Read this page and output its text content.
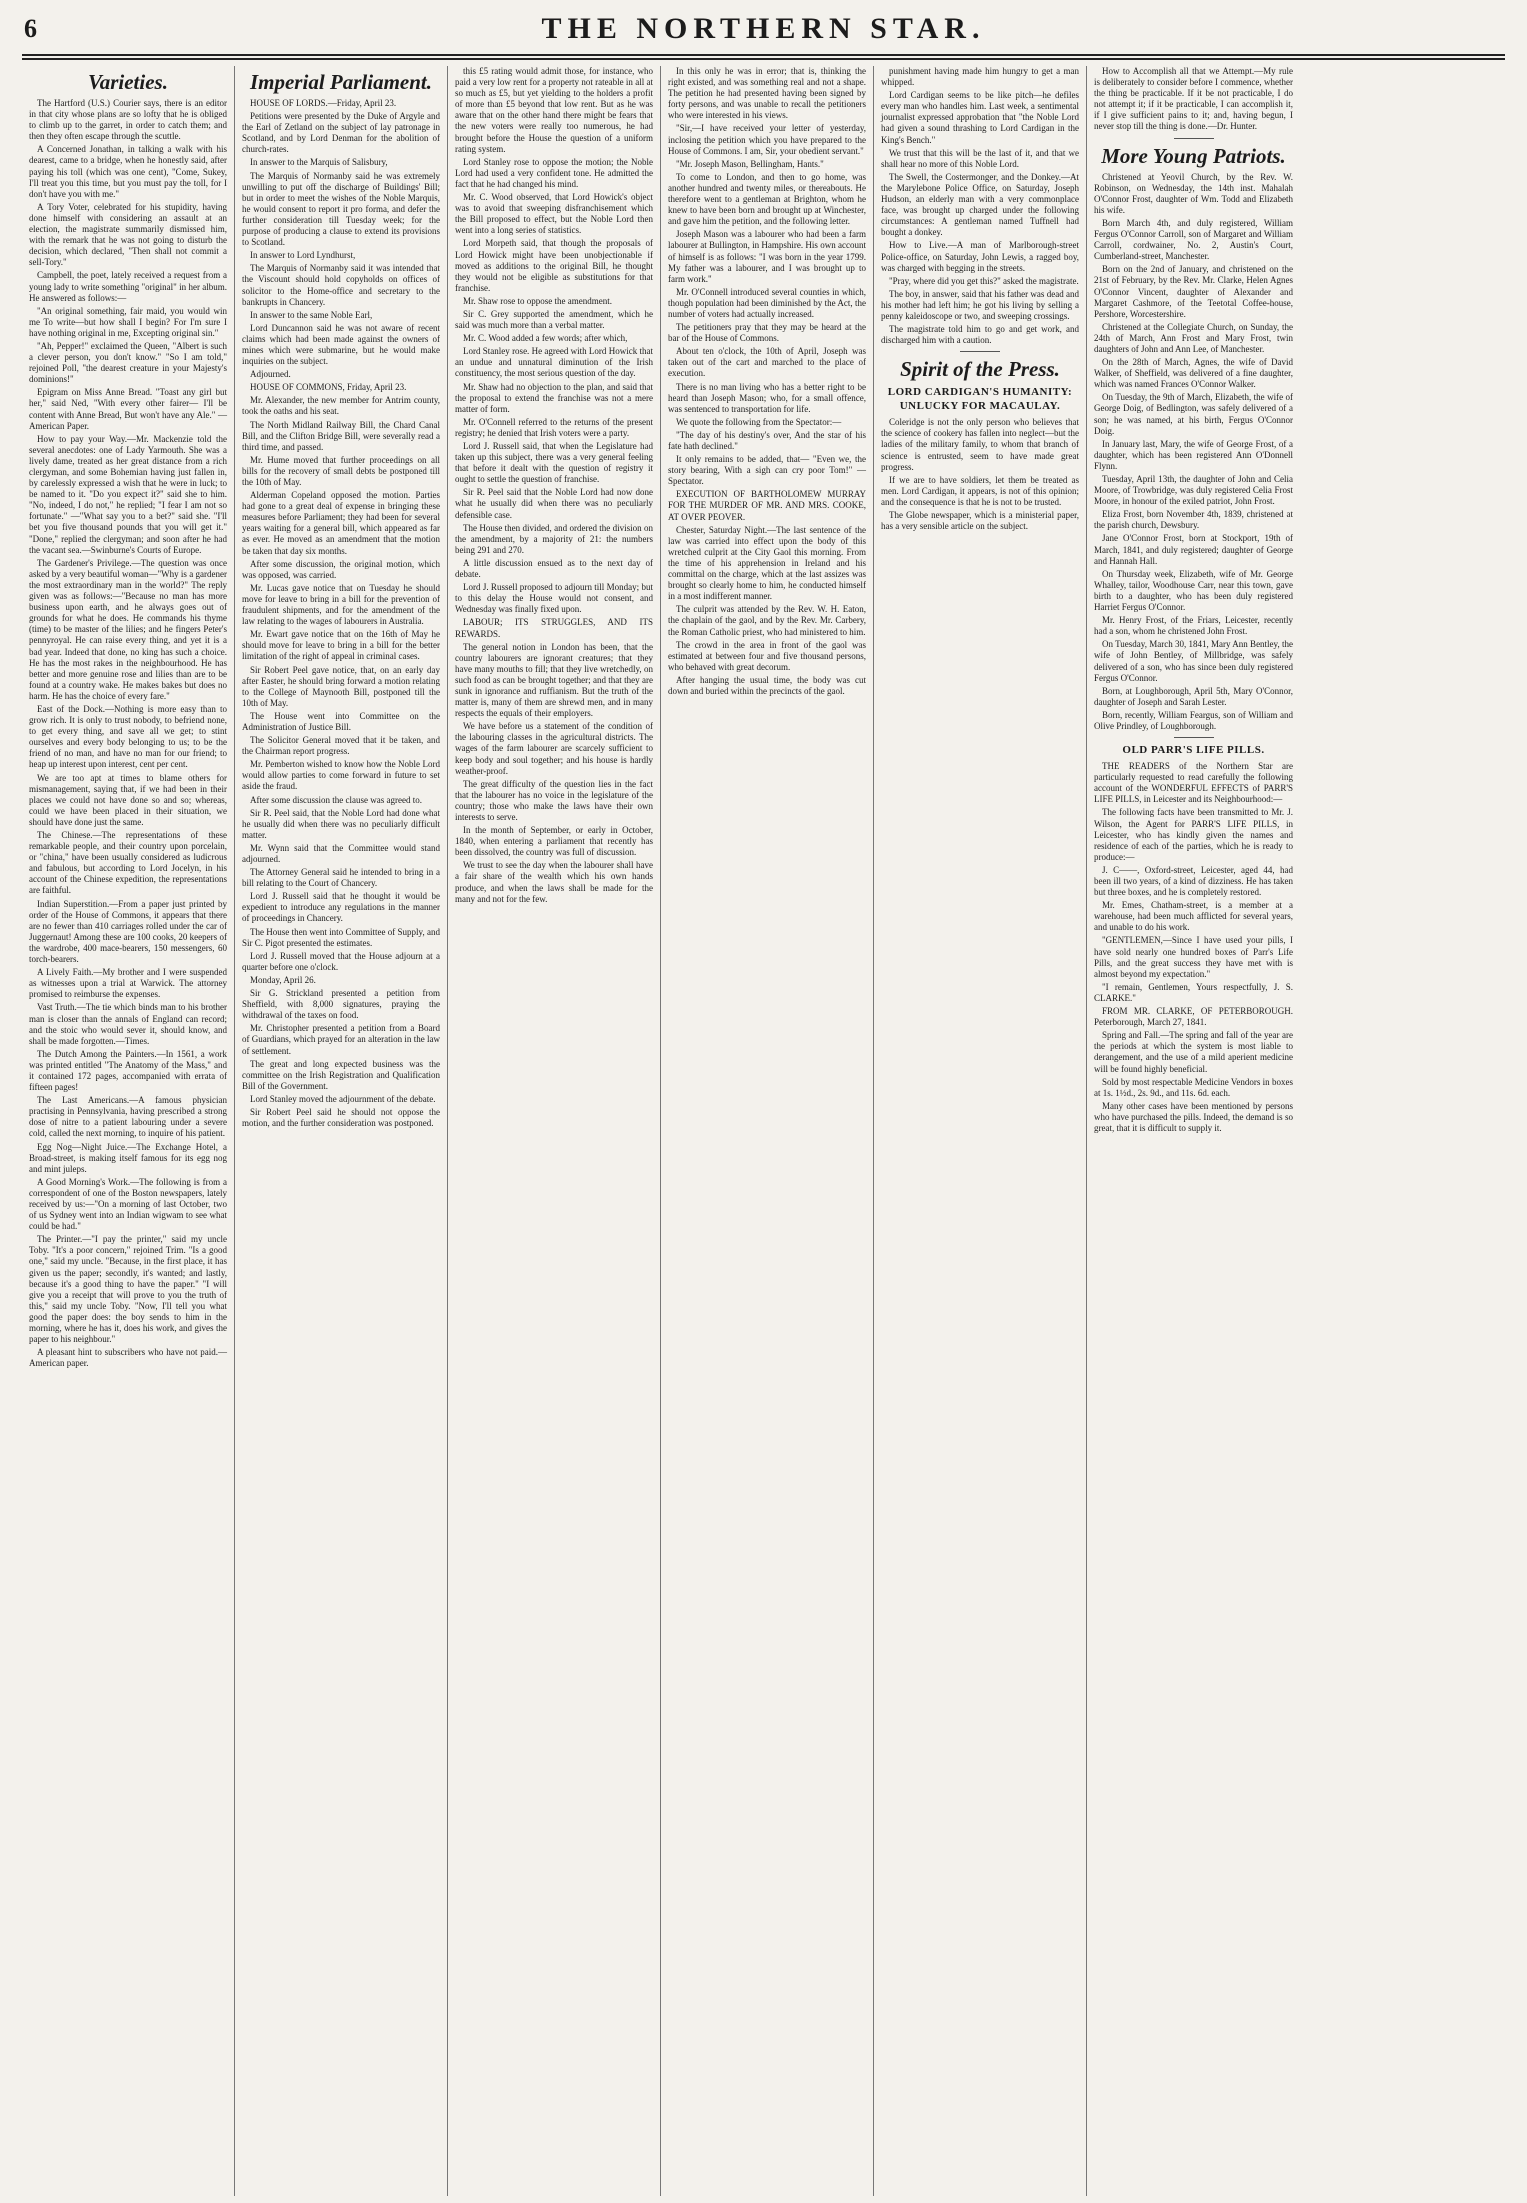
6	THE NORTHERN STAR.
Varieties.

The Hartford (U.S.) Courier says, there is an editor in that city whose plans are so lofty that he is obliged to climb up to the garret, in order to catch them; and then they often escape through the scuttle.

A Concerned Jonathan, in talking a walk with his dearest, came to a bridge, when he honestly said, after paying his toll (which was one cent), "Come, Sukey, I'll treat you this time, but you must pay the toll, for I don't have you with me."

A Tory Voter, celebrated for his stupidity, having done himself with considering an assault at an election, the magistrate summarily dismissed him, with the remark that he was not going to disturb the decision, which declared, "Then shall not commit a sell-Tory."

Campbell, the poet, lately received a request from a young lady to write something "original" in her album. He answered as follows:—

"An original something, fair maid, you would win me To write—but how shall I begin? For I'm sure I have nothing original in me, Excepting original sin."

"Ah, Pepper!" exclaimed the Queen, "Albert is such a clever person, you don't know." "So I am told," rejoined Poll, "the dearest creature in your Majesty's dominions!"

Epigram on Miss Anne Bread. "Toast any girl but her," said Ned, "With every other fairer— I'll be content with Anne Bread, But won't have any Ale." —American Paper.

How to pay your Way.—Mr. Mackenzie told the several anecdotes: one of Lady Yarmouth. She was a lively dame, treated as her great distance from a rich clergyman, and some Bohemian having just fallen in, by carelessly expressed a wish that he were in luck; to be named to it. "Do you expect it?" said she to him. "No, indeed, I do not," he replied; "I fear I am not so fortunate." —"What say you to a bet?" said she. "I'll bet you five thousand pounds that you will get it." "Done," replied the clergyman; and soon after he had the vacant sea.—Swinburne's Courts of Europe.

The Gardener's Privilege.—The question was once asked by a very beautiful woman—"Why is a gardener the most extraordinary man in the world?" The reply given was as follows:—"Because no man has more business upon earth, and he always goes out of grounds for what he does. He commands his thyme (time) to be master of the lilies; and he fingers Peter's pennyroyal. He can raise every thing, and yet it is a bad year. Indeed that done, no king has such a choice. He has the most rakes in the neighbourhood. He has better and more genuine rose and lilies than are to be found at a country wake. He makes bakes but does no harm. He has the choice of every fare."

East of the Dock.—Nothing is more easy than to grow rich. It is only to trust nobody, to befriend none, to get every thing, and save all we get; to stint ourselves and every body belonging to us; to be the friend of no man, and have no man for our friend; to heap up interest upon interest, cent per cent.

We are too apt at times to blame others for mismanagement, saying that, if we had been in their places we could not have done so and so; whereas, could we have been placed in their situation, we should have done just the same.

The Chinese.—The representations of these remarkable people, and their country upon porcelain, or "china," have been usually considered as ludicrous and fabulous, but according to Lord Jocelyn, in his account of the Chinese expedition, the representations are faithful.

Indian Superstition.—From a paper just printed by order of the House of Commons, it appears that there are no fewer than 410 carriages rolled under the car of Juggernaut! Among these are 100 cooks, 20 keepers of the wardrobe, 400 mace-bearers, 150 messengers, 60 torch-bearers.

A Lively Faith.—My brother and I were suspended as witnesses upon a trial at Warwick. The attorney promised to reimburse the expenses.

Vast Truth.—The tie which binds man to his brother man is closer than the annals of England can record; and the stoic who would sever it, should know, and shall be made forgotten.—Times.

The Dutch Among the Painters.—In 1561, a work was printed entitled "The Anatomy of the Mass," and it contained 172 pages, accompanied with errata of fifteen pages!

The Last Americans.—A famous physician practising in Pennsylvania, having prescribed a strong dose of nitre to a patient labouring under a severe cold, called the next morning, to inquire of his patient.

Egg Nog—Night Juice.—The Exchange Hotel, a Broad-street, is making itself famous for its egg nog and mint juleps.

A Good Morning's Work.—The following is from a correspondent of one of the Boston newspapers, lately received by us:—"On a morning of last October, two of us Sydney went into an Indian wigwam to see what could be had."

The Printer.—"I pay the printer," said my uncle Toby. "It's a poor concern," rejoined Trim. "Is a good one," said my uncle. "Because, in the first place, it has given us the paper; secondly, it's wanted; and lastly, because it's a good thing to have the paper." "I will give you a receipt that will prove to you the truth of this," said my uncle Toby. "Now, I'll tell you what good the paper does: the boy sends to him in the morning, where he has it, does his work, and gives the paper to his neighbour."

A pleasant hint to subscribers who have not paid.—American paper.

Imperial Parliament.

HOUSE OF LORDS.—Friday, April 23.

Petitions were presented by the Duke of Argyle and the Earl of Zetland on the subject of lay patronage in Scotland, and by Lord Denman for the abolition of church-rates.

In answer to the Marquis of Salisbury,

The Marquis of Normanby said he was extremely unwilling to put off the discharge of Buildings' Bill; but in order to meet the wishes of the Noble Marquis, he would consent to report it pro forma, and defer the further consideration till Tuesday week; for the purpose of producing a clause to extend its provisions to Scotland.

In answer to Lord Lyndhurst,

The Marquis of Normanby said it was intended that the Viscount should hold copyholds on offices of solicitor to the Home-office and secretary to the bankrupts in Chancery.

In answer to the same Noble Earl,

Lord Duncannon said he was not aware of recent claims which had been made against the owners of mines which were submarine, but he would make inquiries on the subject.

Adjourned.

HOUSE OF COMMONS, Friday, April 23.

Mr. Alexander, the new member for Antrim county, took the oaths and his seat.

The North Midland Railway Bill, the Chard Canal Bill, and the Clifton Bridge Bill, were severally read a third time, and passed.

Mr. Hume moved that further proceedings on all bills for the recovery of small debts be postponed till the 10th of May.

Alderman Copeland opposed the motion. Parties had gone to a great deal of expense in bringing these measures before Parliament; they had been for several years waiting for a general bill, which appeared as far as ever. He moved as an amendment that the motion be taken that day six months.

After some discussion, the original motion, which was opposed, was carried.

Mr. Lucas gave notice that on Tuesday he should move for leave to bring in a bill for the prevention of fraudulent shipments, and for the amendment of the law relating to the wages of labourers in Australia.

Mr. Ewart gave notice that on the 16th of May he should move for leave to bring in a bill for the better limitation of the right of appeal in criminal cases.

Sir Robert Peel gave notice, that, on an early day after Easter, he should bring forward a motion relating to the College of Maynooth Bill, postponed till the 10th of May.

The House went into Committee on the Administration of Justice Bill.

The Solicitor General moved that it be taken, and the Chairman report progress.

Mr. Pemberton wished to know how the Noble Lord would allow parties to come forward in future to set aside the fraud.

After some discussion the clause was agreed to.

Sir R. Peel said, that the Noble Lord had done what he usually did when there was no peculiarly difficult matter.

Mr. Wynn said that the Committee would stand adjourned.

The Attorney General said he intended to bring in a bill relating to the Court of Chancery.

Lord J. Russell said that he thought it would be expedient to introduce any regulations in the manner of proceedings in Chancery.

The House then went into Committee of Supply, and Sir C. Pigot presented the estimates.

Lord J. Russell moved that the House adjourn at a quarter before one o'clock.

Monday, April 26.

Sir G. Strickland presented a petition from Sheffield, with 8,000 signatures, praying the withdrawal of the taxes on food.

Mr. Christopher presented a petition from a Board of Guardians, which prayed for an alteration in the law of settlement.

The great and long expected business was the committee on the Irish Registration and Qualification Bill of the Government.

Lord Stanley moved the adjournment of the debate.

Sir Robert Peel said he should not oppose the motion, and the further consideration was postponed.

this £5 rating would admit those, for instance, who paid a very low rent for a property not rateable in all at so much as £5, but yet yielding to the holders a profit of more than £5 beyond that low rent. But as he was aware that on the other hand there might be fears that the new voters were really too numerous, he had brought before the House the question of a uniform rating system.

Lord Stanley rose to oppose the motion; the Noble Lord had used a very confident tone. He admitted the fact that he had changed his mind.

Mr. C. Wood observed, that Lord Howick's object was to avoid that sweeping disfranchisement which the Bill proposed to effect, but the Noble Lord then went into a long series of statistics.

Lord Morpeth said, that though the proposals of Lord Howick might have been unobjectionable if moved as additions to the original Bill, he thought they would not be eligible as substitutions for that franchise.

Mr. Shaw rose to oppose the amendment.

Sir C. Grey supported the amendment, which he said was much more than a verbal matter.

Mr. C. Wood added a few words; after which,

Lord Stanley rose. He agreed with Lord Howick that an undue and unnatural diminution of the Irish constituency, the most serious question of the day.

Mr. Shaw had no objection to the plan, and said that the proposal to extend the franchise was not a mere matter of form.

Mr. O'Connell referred to the returns of the present registry; he denied that Irish voters were a party.

Lord J. Russell said, that when the Legislature had taken up this subject, there was a very general feeling that before it dealt with the question of registry it ought to settle the question of franchise.

Sir R. Peel said that the Noble Lord had now done what he usually did when there was no peculiarly defensible case.

The House then divided, and ordered the division on the amendment, by a majority of 21: the numbers being 291 and 270.

A little discussion ensued as to the next day of debate.

Lord J. Russell proposed to adjourn till Monday; but to this delay the House would not consent, and Wednesday was finally fixed upon.

LABOUR; ITS STRUGGLES, AND ITS REWARDS.

The general notion in London has been, that the country labourers are ignorant creatures; that they have many mouths to fill; that they live wretchedly, on such food as can be brought together; and that they are sunk in ignorance and ruffianism. But the truth of the matter is, many of them are shrewd men, and in many respects the equals of their employers.

We have before us a statement of the condition of the labouring classes in the agricultural districts. The wages of the farm labourer are scarcely sufficient to keep body and soul together; and his house is hardly weather-proof.

The great difficulty of the question lies in the fact that the labourer has no voice in the legislature of the country; those who make the laws have their own interests to serve.

In the month of September, or early in October, 1840, when entering a parliament that recently has been dissolved, the country was full of discussion.

We trust to see the day when the labourer shall have a fair share of the wealth which his own hands produce, and when the laws shall be made for the many and not for the few.

In this only he was in error; that is, thinking the right existed, and was something real and not a shape. The petition he had presented having been signed by forty persons, and was unable to recall the petitioners who were interested in his views.

"Sir,—I have received your letter of yesterday, inclosing the petition which you have prepared to the House of Commons. I am, Sir, your obedient servant."

"Mr. Joseph Mason, Bellingham, Hants."

To come to London, and then to go home, was another hundred and twenty miles, or thereabouts. He therefore went to a gentleman at Brighton, whom he knew to have been born and brought up at Winchester, and gave him the petition, and the following letter.

Joseph Mason was a labourer who had been a farm labourer at Bullington, in Hampshire. His own account of himself is as follows: "I was born in the year 1799. My father was a labourer, and I was brought up to farm work."

Mr. O'Connell introduced several counties in which, though population had been diminished by the Act, the number of voters had actually increased.

The petitioners pray that they may be heard at the bar of the House of Commons.

About ten o'clock, the 10th of April, Joseph was taken out of the cart and marched to the place of execution.

There is no man living who has a better right to be heard than Joseph Mason; who, for a small offence, was sentenced to transportation for life.

We quote the following from the Spectator:—

"The day of his destiny's over, And the star of his fate hath declined."

It only remains to be added, that— "Even we, the story bearing, With a sigh can cry poor Tom!" —Spectator.

EXECUTION OF BARTHOLOMEW MURRAY FOR THE MURDER OF MR. AND MRS. COOKE, AT OVER PEOVER.

Chester, Saturday Night.—The last sentence of the law was carried into effect upon the body of this wretched culprit at the City Gaol this morning. From the time of his apprehension in Ireland and his committal on the charge, which at the last assizes was brought so clearly home to him, he conducted himself in a most indifferent manner.

The culprit was attended by the Rev. W. H. Eaton, the chaplain of the gaol, and by the Rev. Mr. Carbery, the Roman Catholic priest, who had ministered to him.

The crowd in the area in front of the gaol was estimated at between four and five thousand persons, who behaved with great decorum.

After hanging the usual time, the body was cut down and buried within the precincts of the gaol.

punishment having made him hungry to get a man whipped.

Lord Cardigan seems to be like pitch—he defiles every man who handles him. Last week, a sentimental journalist expressed approbation that "the Noble Lord had given a sound thrashing to Lord Cardigan in the King's Bench."

We trust that this will be the last of it, and that we shall hear no more of this Noble Lord.

The Swell, the Costermonger, and the Donkey.—At the Marylebone Police Office, on Saturday, Joseph Hudson, an elderly man with a very commonplace face, was brought up charged under the following circumstances: A gentleman named Tuffnell had bought a donkey.

How to Live.—A man of Marlborough-street Police-office, on Saturday, John Lewis, a ragged boy, was charged with begging in the streets.

"Pray, where did you get this?" asked the magistrate.

The boy, in answer, said that his father was dead and his mother had left him; he got his living by selling a penny kaleidoscope or two, and sweeping crossings.

The magistrate told him to go and get work, and discharged him with a caution.

Spirit of the Press.
LORD CARDIGAN'S HUMANITY: UNLUCKY FOR MACAULAY.

Coleridge is not the only person who believes that the science of cookery has fallen into neglect—but the ladies of the military family, to whom that branch of science is entrusted, seem to have made great progress.

If we are to have soldiers, let them be treated as men. Lord Cardigan, it appears, is not of this opinion; and the consequence is that he is not to be trusted.

The Globe newspaper, which is a ministerial paper, has a very sensible article on the subject.

How to Accomplish all that we Attempt.—My rule is deliberately to consider before I commence, whether the thing be practicable. If it be not practicable, I do not attempt it; if it be practicable, I can accomplish it, if I give sufficient pains to it; and, having begun, I never stop till the thing is done.—Dr. Hunter.

More Young Patriots.

Christened at Yeovil Church, by the Rev. W. Robinson, on Wednesday, the 14th inst. Mahalah O'Connor Frost, daughter of Wm. Todd and Elizabeth his wife.

Born March 4th, and duly registered, William Fergus O'Connor Carroll, son of Margaret and William Carroll, cordwainer, No. 2, Austin's Court, Cumberland-street, Manchester.

Born on the 2nd of January, and christened on the 21st of February, by the Rev. Mr. Clarke, Helen Agnes O'Connor Vincent, daughter of Alexander and Margaret Cashmore, of the Teetotal Coffee-house, Pershore, Worcestershire.

Christened at the Collegiate Church, on Sunday, the 24th of March, Ann Frost and Mary Frost, twin daughters of John and Ann Lee, of Manchester.

On the 28th of March, Agnes, the wife of David Walker, of Sheffield, was delivered of a fine daughter, which was named Frances O'Connor Walker.

On Tuesday, the 9th of March, Elizabeth, the wife of George Doig, of Bedlington, was safely delivered of a son; he was named, at his birth, Fergus O'Connor Doig.

In January last, Mary, the wife of George Frost, of a daughter, which has been registered Ann O'Donnell Flynn.

Tuesday, April 13th, the daughter of John and Celia Moore, of Trowbridge, was duly registered Celia Frost Moore, in honour of the exiled patriot, John Frost.

Eliza Frost, born November 4th, 1839, christened at the parish church, Dewsbury.

Jane O'Connor Frost, born at Stockport, 19th of March, 1841, and duly registered; daughter of George and Hannah Hall.

On Thursday week, Elizabeth, wife of Mr. George Whalley, tailor, Woodhouse Carr, near this town, gave birth to a daughter, who has been duly registered Harriet Fergus O'Connor.

Mr. Henry Frost, of the Friars, Leicester, recently had a son, whom he christened John Frost.

On Tuesday, March 30, 1841, Mary Ann Bentley, the wife of John Bentley, of Millbridge, was safely delivered of a son, who has since been duly registered Fergus O'Connor.

Born, at Loughborough, April 5th, Mary O'Connor, daughter of Joseph and Sarah Lester.

Born, recently, William Feargus, son of William and Olive Prindley, of Loughborough.

OLD PARR'S LIFE PILLS.

THE READERS of the Northern Star are particularly requested to read carefully the following account of the WONDERFUL EFFECTS of PARR'S LIFE PILLS, in Leicester and its Neighbourhood:—

The following facts have been transmitted to Mr. J. Wilson, the Agent for PARR'S LIFE PILLS, in Leicester, who has kindly given the names and residence of each of the parties, which he is ready to produce:—

J. C——, Oxford-street, Leicester, aged 44, had been ill two years, of a kind of dizziness. He has taken but three boxes, and he is completely restored.

Mr. Emes, Chatham-street, is a member at a warehouse, had been much afflicted for several years, and unable to do his work.

"GENTLEMEN,—Since I have used your pills, I have sold nearly one hundred boxes of Parr's Life Pills, and the great success they have met with is almost beyond my expectation."

"I remain, Gentlemen, Yours respectfully, J. S. CLARKE."

FROM MR. CLARKE, OF PETERBOROUGH. Peterborough, March 27, 1841.

Spring and Fall.—The spring and fall of the year are the periods at which the system is most liable to derangement, and the use of a mild aperient medicine will be found highly beneficial.

Sold by most respectable Medicine Vendors in boxes at 1s. 1½d., 2s. 9d., and 11s. 6d. each.

Many other cases have been mentioned by persons who have purchased the pills. Indeed, the demand is so great, that it is difficult to supply it.
